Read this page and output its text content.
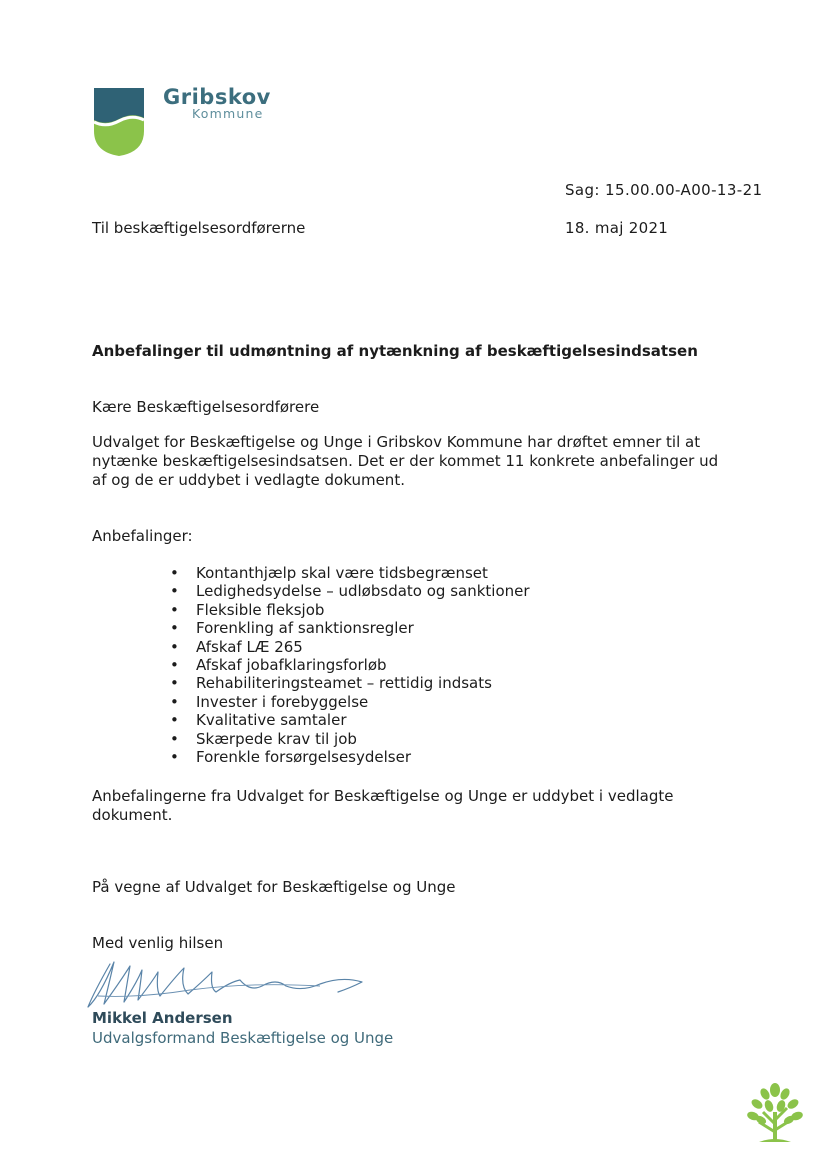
Gribskov
Kommune
Sag: 15.00.00-A00-13-21
Til beskæftigelsesordførerne	18. maj 2021
Anbefalinger til udmøntning af nytænkning af beskæftigelsesindsatsen
Kære Beskæftigelsesordførere
Udvalget for Beskæftigelse og Unge i Gribskov Kommune har drøftet emner til at
nytænke beskæftigelsesindsatsen. Det er der kommet 11 konkrete anbefalinger ud
af og de er uddybet i vedlagte dokument.
Anbefalinger:
• Kontanthjælp skal være tidsbegrænset
• Ledighedsydelse – udløbsdato og sanktioner
• Fleksible fleksjob
• Forenkling af sanktionsregler
• Afskaf LÆ 265
• Afskaf jobafklaringsforløb
• Rehabiliteringsteamet – rettidig indsats
• Invester i forebyggelse
• Kvalitative samtaler
• Skærpede krav til job
• Forenkle forsørgelsesydelser
Anbefalingerne fra Udvalget for Beskæftigelse og Unge er uddybet i vedlagte
dokument.
På vegne af Udvalget for Beskæftigelse og Unge
Med venlig hilsen
Mikkel Andersen
Udvalgsformand Beskæftigelse og Unge
